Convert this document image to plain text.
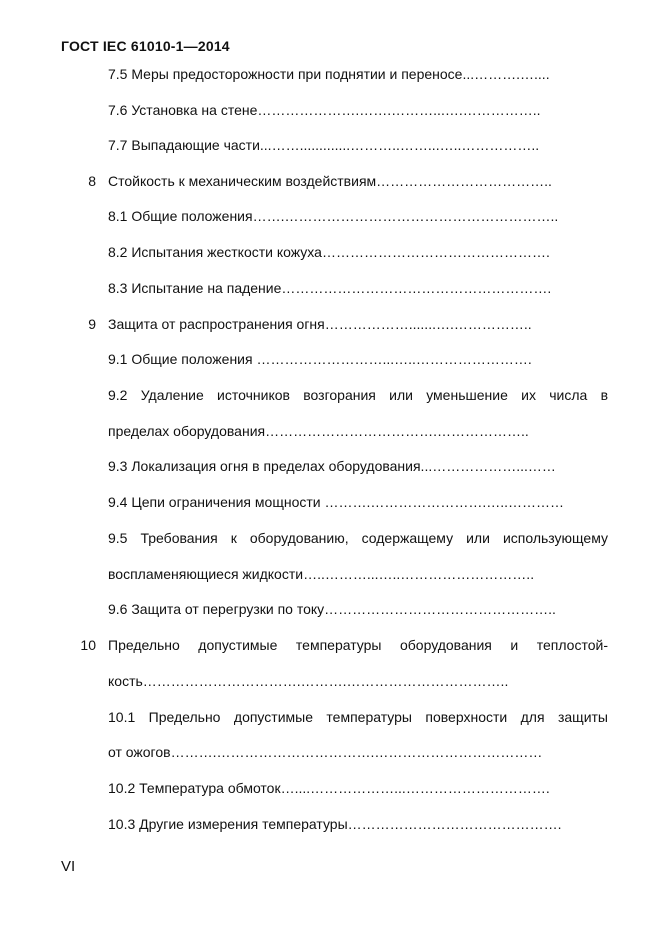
ГОСТ IEC 61010-1—2014
7.5 Меры предосторожности при поднятии и переносе...……….…....
7.6 Установка на стене………………….…….………...….……………..
7.7 Выпадающие части...…….............………..……...…..……………..
8 Стойкость к механическим воздействиям………………………………..
8.1 Общие положения…….…………………………………………………..
8.2 Испытания жесткости кожуха………………………………………….
8.3 Испытание на падение………………………………………………….
9 Защита от распространения огня……………….......….……………..
9.1 Общие положения ………………………...…..…………………….
9.2 Удаление источников возгорания или уменьшение их числа в
пределах оборудования……………………………….………………..
9.3 Локализация огня в пределах оборудования...………………...……
9.4 Цепи ограничения мощности ……….…………………….…..…………
9.5 Требования к оборудованию, содержащему или использующему
воспламеняющиеся жидкости…..………...…..………………………..
9.6 Защита от перегрузки по току…………………………………………..
10 Предельно допустимые температуры оборудования и теплостой-
кость…………………………….……….……………………………..
10.1 Предельно допустимые температуры поверхности для защиты
от ожогов……….…………………………….………………………………
10.2 Температура обмоток…....………………...………………………….
10.3 Другие измерения температуры……………………………………….
VI
